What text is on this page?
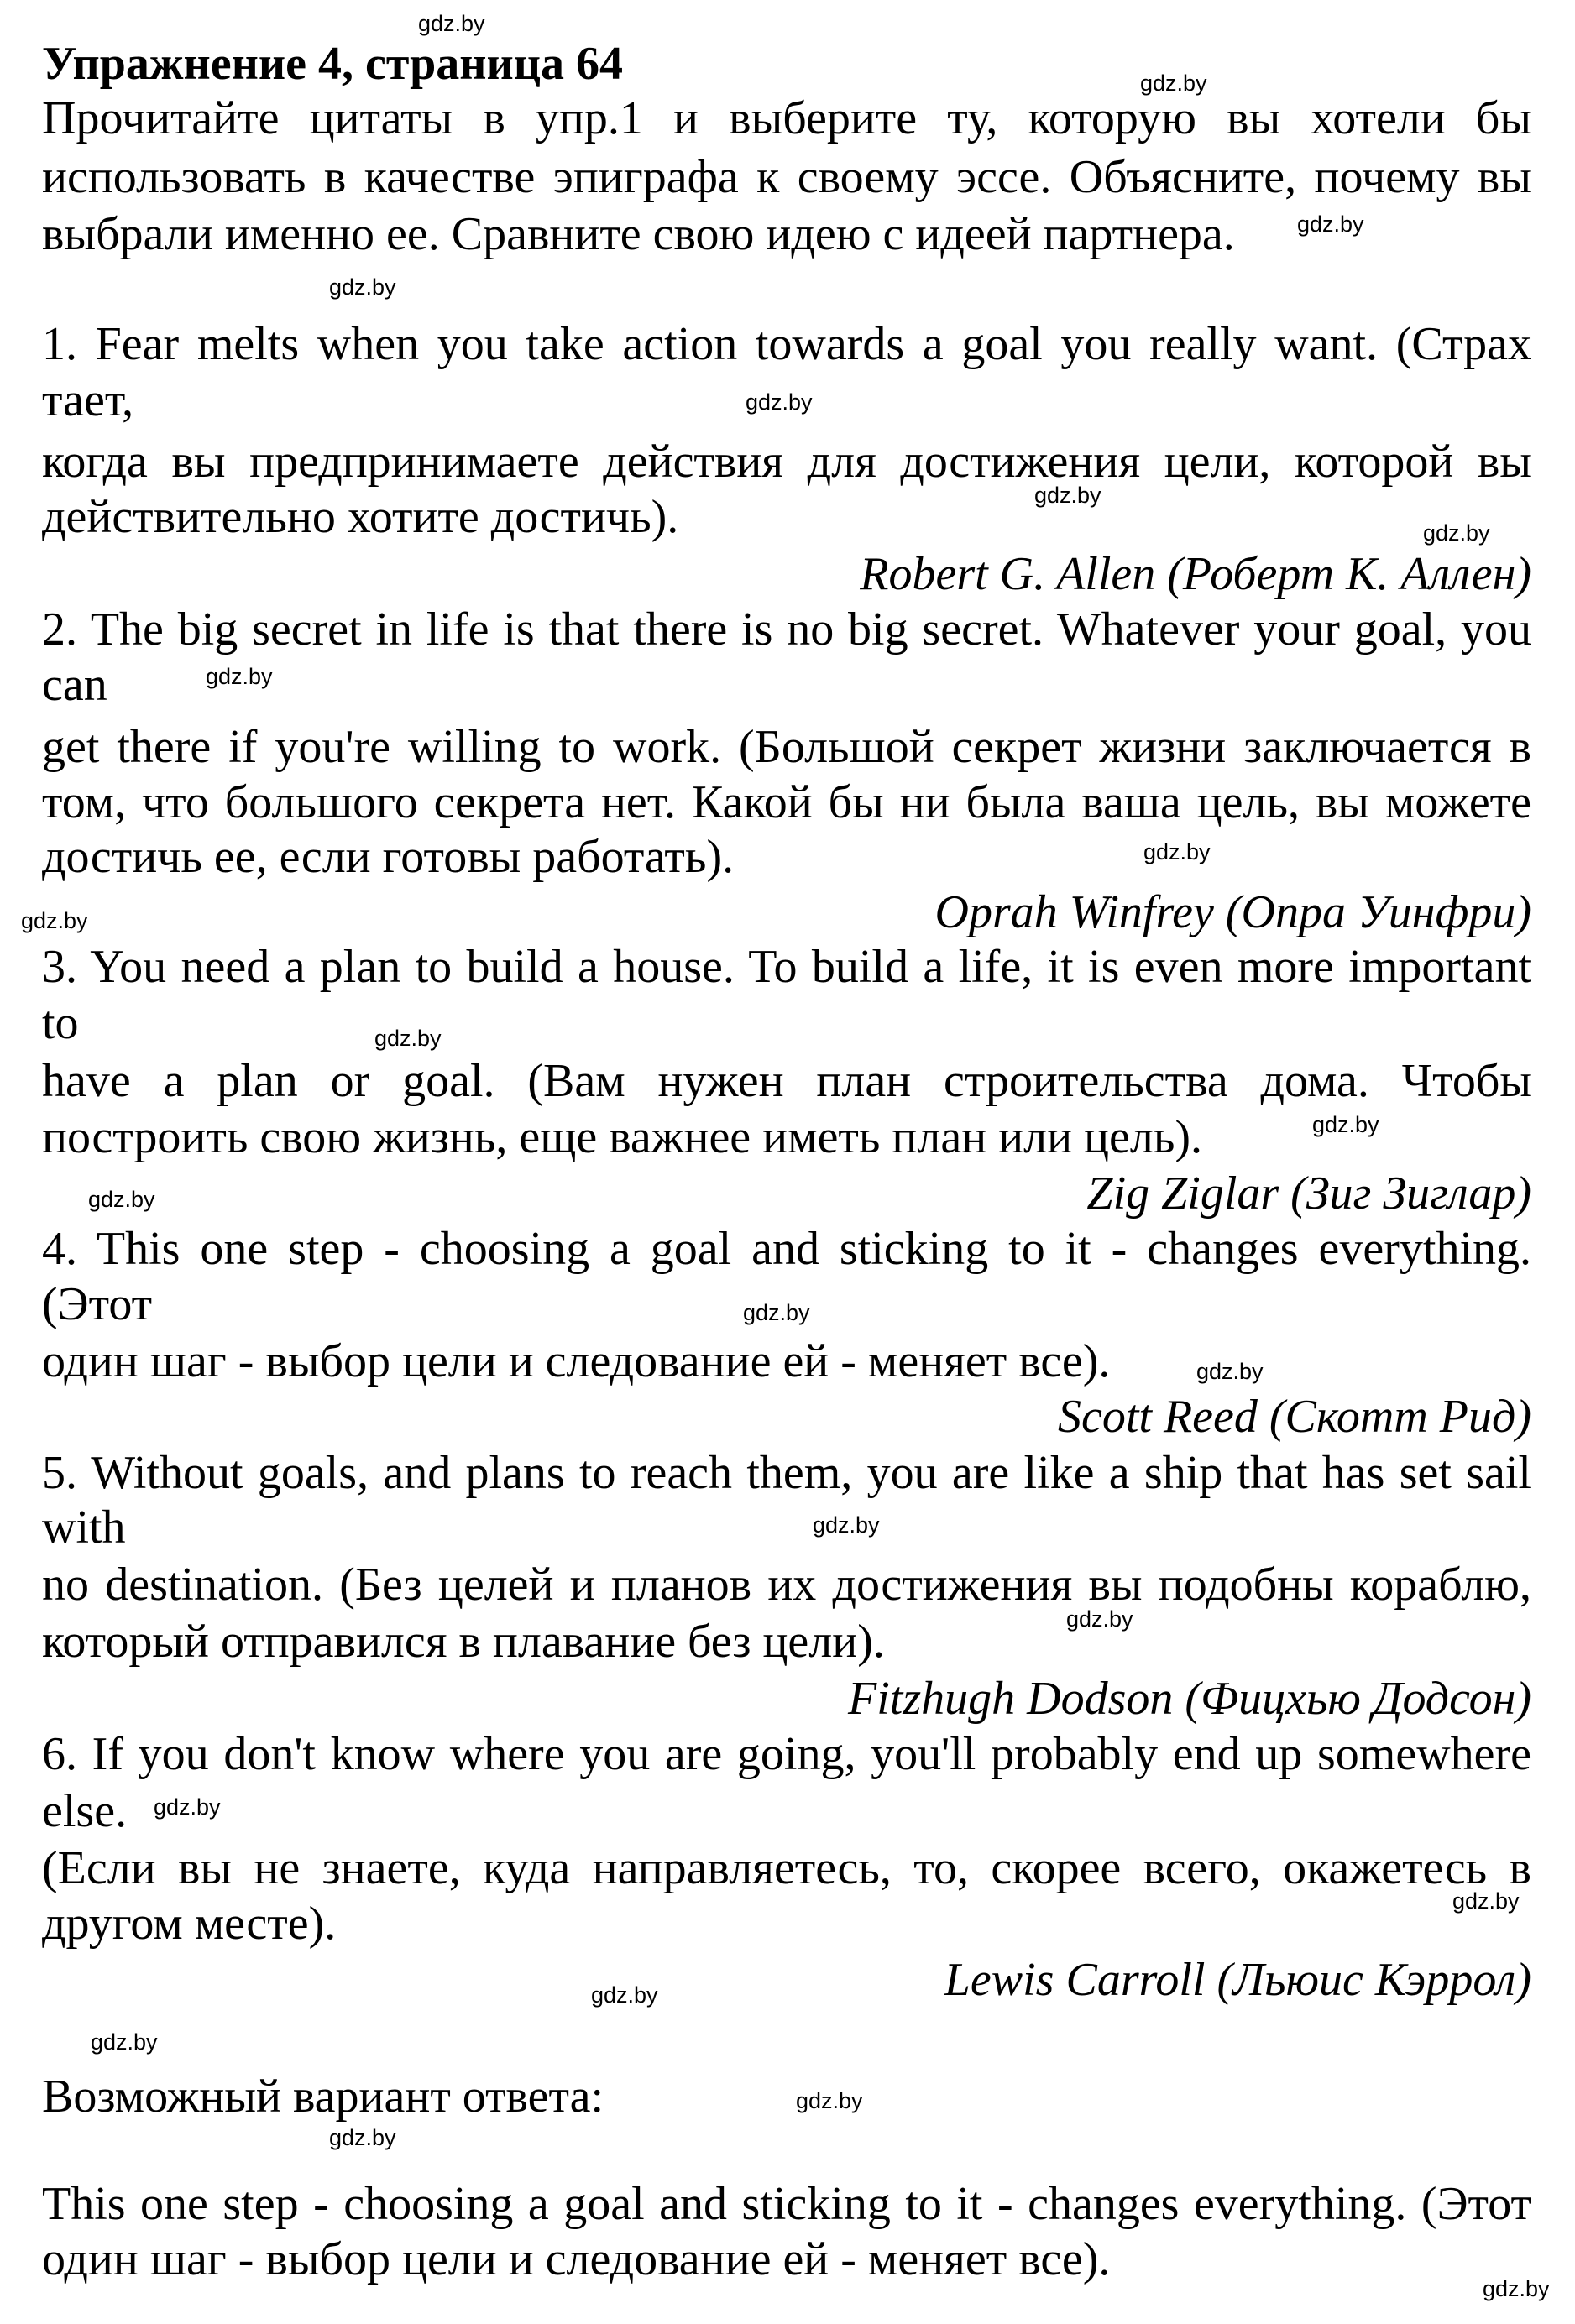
Упражнение 4, страница 64
Прочитайте цитаты в упр.1 и выберите ту, которую вы хотели бы
использовать в качестве эпиграфа к своему эссе. Объясните, почему вы
выбрали именно ее. Сравните свою идею с идеей партнера.
1. Fear melts when you take action towards a goal you really want. (Страх
тает,
когда вы предпринимаете действия для достижения цели, которой вы
действительно хотите достичь).
Robert G. Allen (Роберт К. Аллен)
2. The big secret in life is that there is no big secret. Whatever your goal, you
can
get there if you're willing to work. (Большой секрет жизни заключается в
том, что большого секрета нет. Какой бы ни была ваша цель, вы можете
достичь ее, если готовы работать).
Oprah Winfrey (Опра Уинфри)
3. You need a plan to build a house. To build a life, it is even more important
to
have a plan or goal. (Вам нужен план строительства дома. Чтобы
построить свою жизнь, еще важнее иметь план или цель).
Zig Ziglar (Зиг Зиглар)
4. This one step - choosing a goal and sticking to it - changes everything.
(Этот
один шаг - выбор цели и следование ей - меняет все).
Scott Reed (Скотт Рид)
5. Without goals, and plans to reach them, you are like a ship that has set sail
with
no destination. (Без целей и планов их достижения вы подобны кораблю,
который отправился в плавание без цели).
Fitzhugh Dodson (Фицхью Додсон)
6. If you don't know where you are going, you'll probably end up somewhere
else.
(Если вы не знаете, куда направляетесь, то, скорее всего, окажетесь в
другом месте).
Lewis Carroll (Льюис Кэррол)
Возможный вариант ответа:
This one step - choosing a goal and sticking to it - changes everything. (Этот
один шаг - выбор цели и следование ей - меняет все).
gdz.by
gdz.by
gdz.by
gdz.by
gdz.by
gdz.by
gdz.by
gdz.by
gdz.by
gdz.by
gdz.by
gdz.by
gdz.by
gdz.by
gdz.by
gdz.by
gdz.by
gdz.by
gdz.by
gdz.by
gdz.by
gdz.by
gdz.by
gdz.by
